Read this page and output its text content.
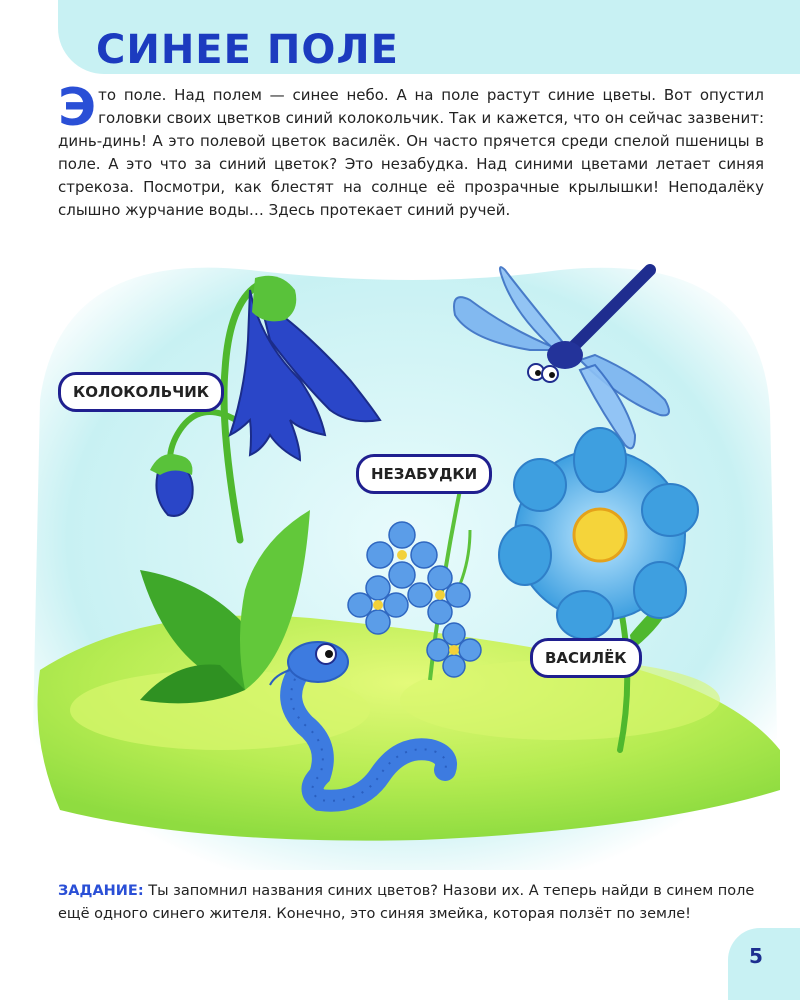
СИНЕЕ ПОЛЕ

Это поле. Над полем — синее небо. А на поле растут синие цветы. Вот опустил головки своих цветков синий колокольчик. Так и кажется, что он сейчас зазвенит: динь-динь! А это полевой цветок василёк. Он часто прячется среди спелой пшеницы в поле. А это что за синий цветок? Это незабудка. Над синими цветами летает синяя стрекоза. Посмотри, как блестят на солнце её прозрачные крылышки! Неподалёку слышно журчание воды… Здесь протекает синий ручей.

КОЛОКОЛЬЧИК
НЕЗАБУДКИ
ВАСИЛЁК

ЗАДАНИЕ: Ты запомнил названия синих цветов? Назови их. А теперь найди в синем поле ещё одного синего жителя. Конечно, это синяя змейка, которая ползёт по земле!

5
